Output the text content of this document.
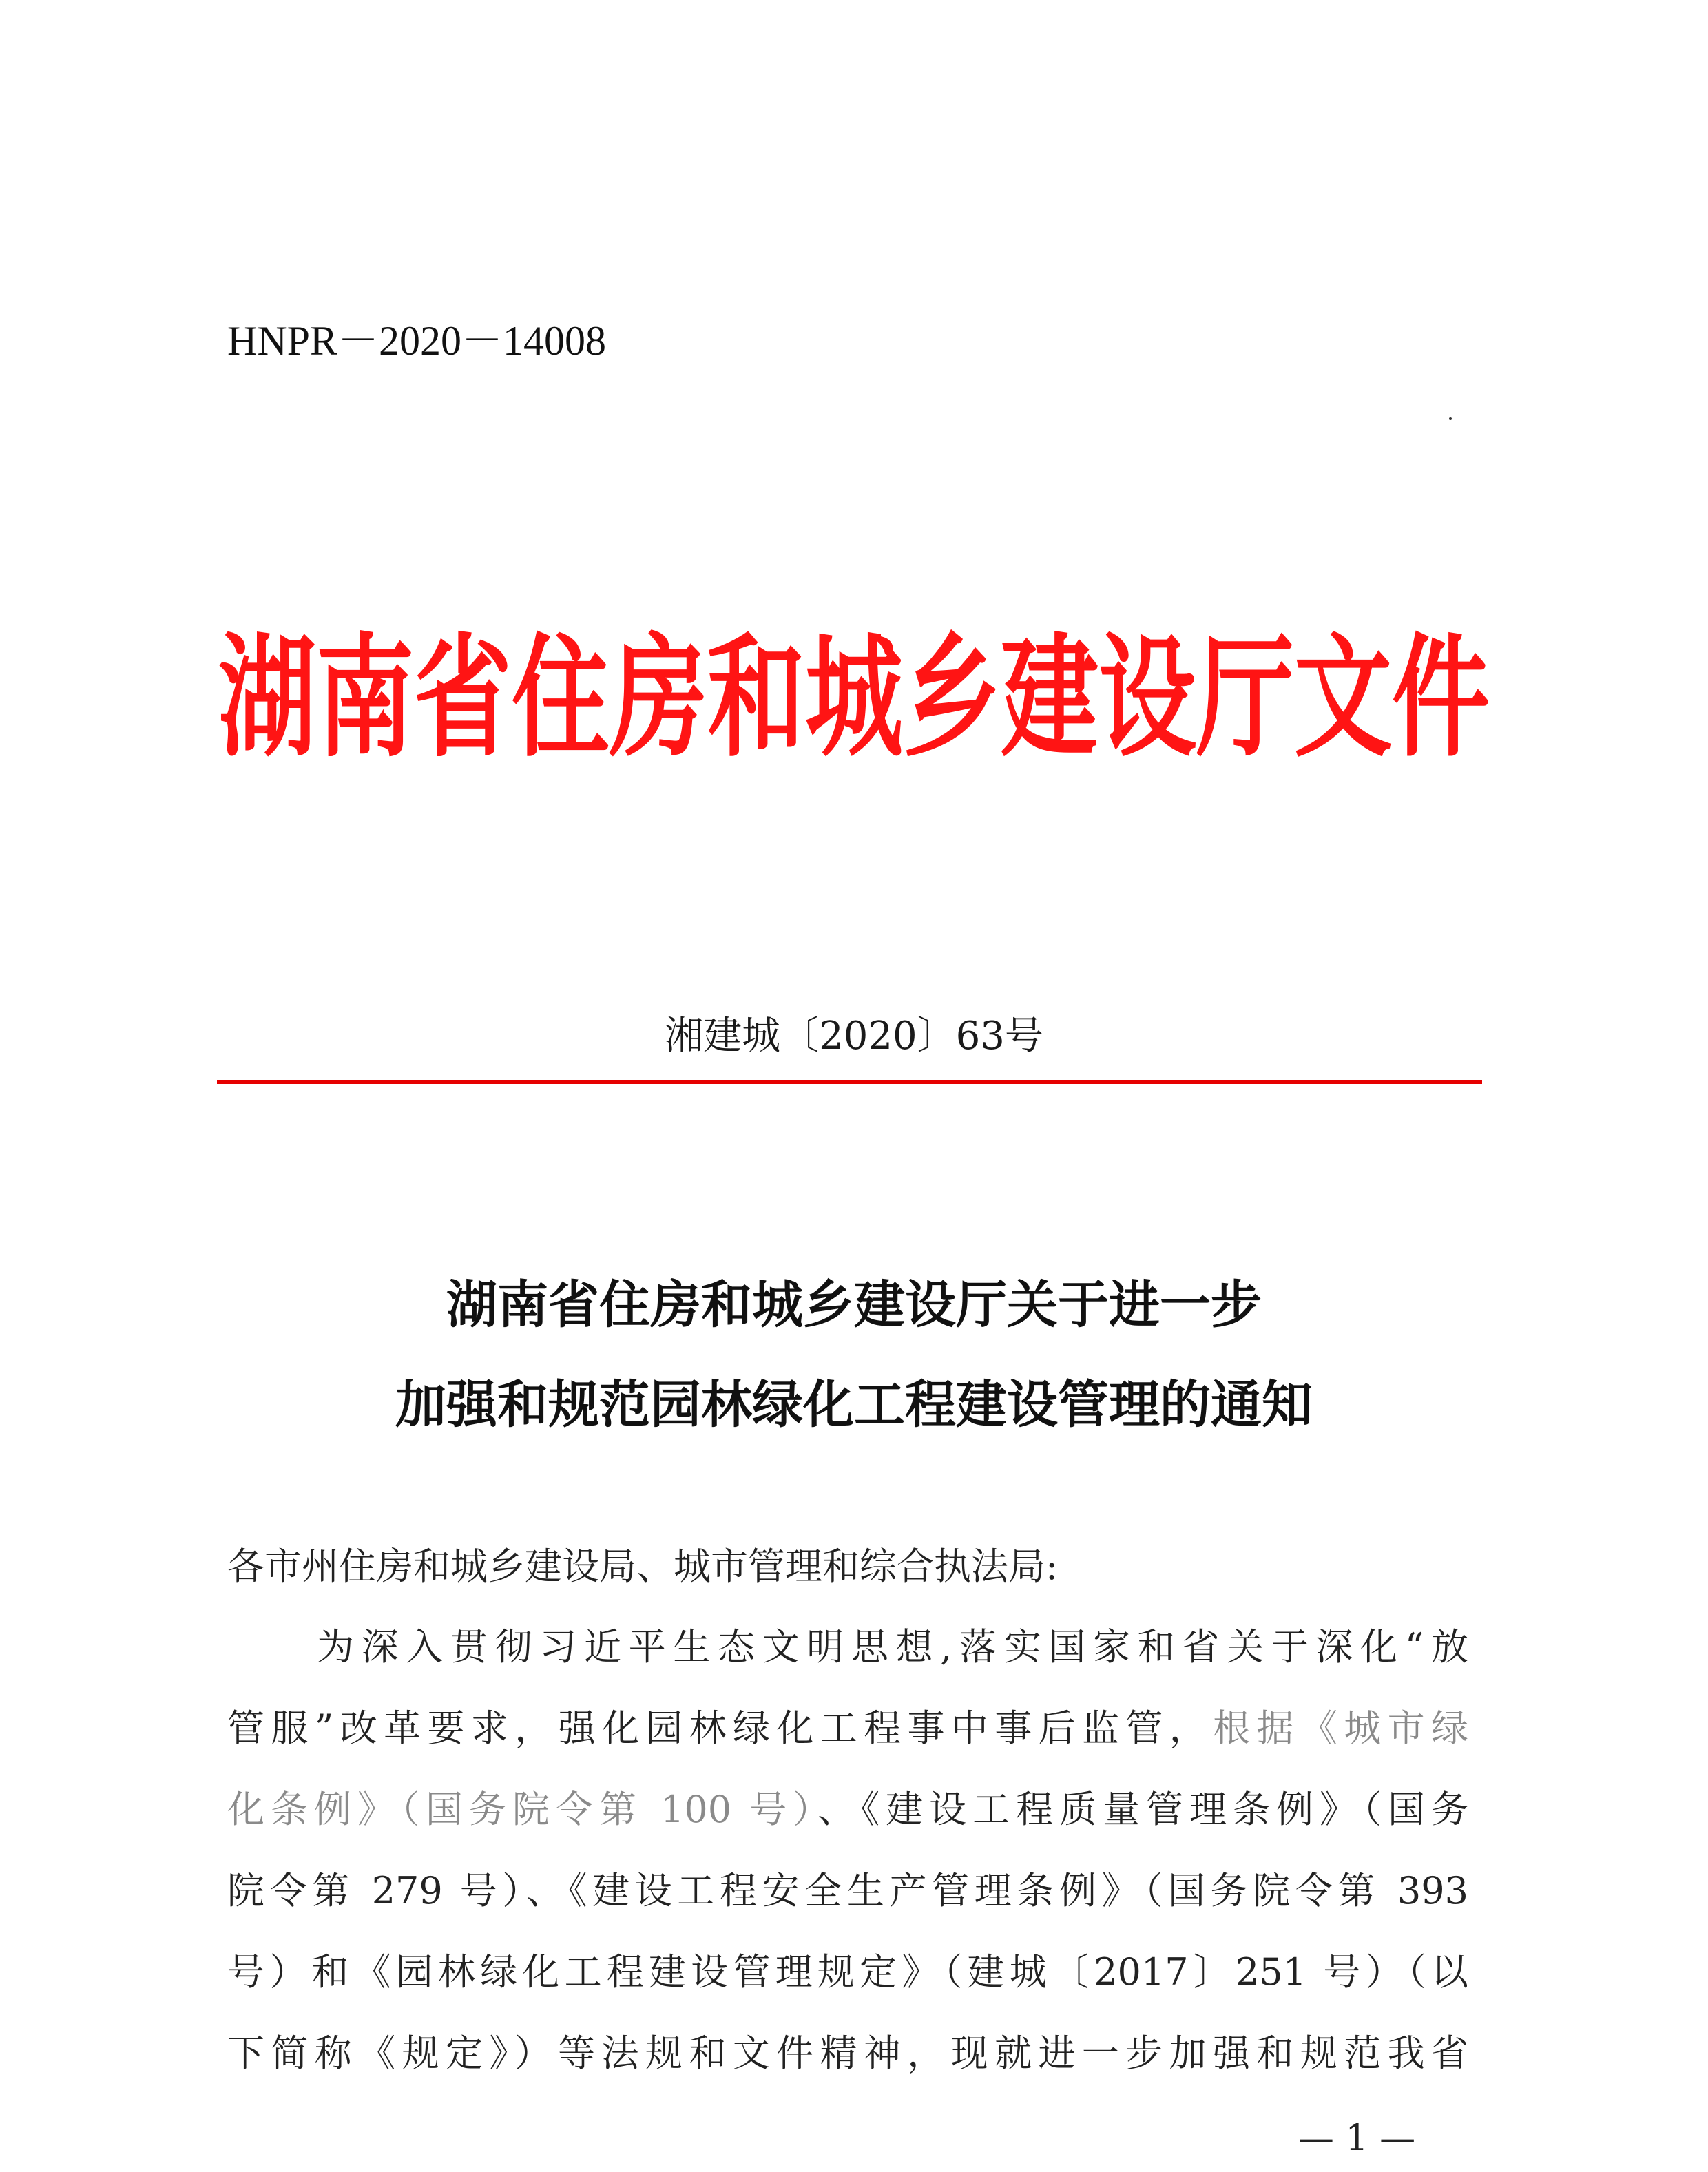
HNPR－2020－14008
湖南省住房和城乡建设厅文件
湘建城〔2020〕63号
湖南省住房和城乡建设厅关于进一步
加强和规范园林绿化工程建设管理的通知
各市州住房和城乡建设局、城市管理和综合执法局:
为深入贯彻习近平生态文明思想,落实国家和省关于深化“放
管服”改革要求，强化园林绿化工程事中事后监管，根据《城市绿
化条例》（国务院令第 100 号）、《建设工程质量管理条例》（国务
院令第 279 号）、《建设工程安全生产管理条例》（国务院令第 393
号）和《园林绿化工程建设管理规定》（建城〔2017〕251 号）（以
下简称《规定》）等法规和文件精神，现就进一步加强和规范我省
— 1 —
